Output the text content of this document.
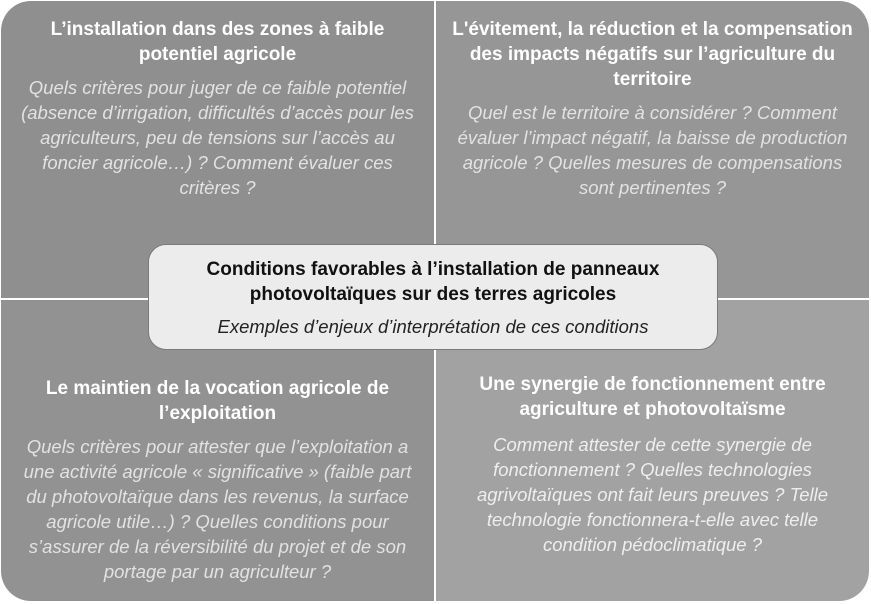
L’installation dans des zones à faible potentiel agricole

Quels critères pour juger de ce faible potentiel (absence d’irrigation, difficultés d’accès pour les agriculteurs, peu de tensions sur l’accès au foncier agricole…) ? Comment évaluer ces critères ?

L'évitement, la réduction et la compensation des impacts négatifs sur l’agriculture du territoire

Quel est le territoire à considérer ? Comment évaluer l’impact négatif, la baisse de production agricole ? Quelles mesures de compensations sont pertinentes ?

Le maintien de la vocation agricole de l’exploitation

Quels critères pour attester que l’exploitation a une activité agricole « significative » (faible part du photovoltaïque dans les revenus, la surface agricole utile…) ? Quelles conditions pour s’assurer de la réversibilité du projet et de son portage par un agriculteur ?

Une synergie de fonctionnement entre agriculture et photovoltaïsme

Comment attester de cette synergie de fonctionnement ? Quelles technologies agrivoltaïques ont fait leurs preuves ? Telle technologie fonctionnera-t-elle avec telle condition pédoclimatique ?

Conditions favorables à l’installation de panneaux photovoltaïques sur des terres agricoles

Exemples d’enjeux d’interprétation de ces conditions
